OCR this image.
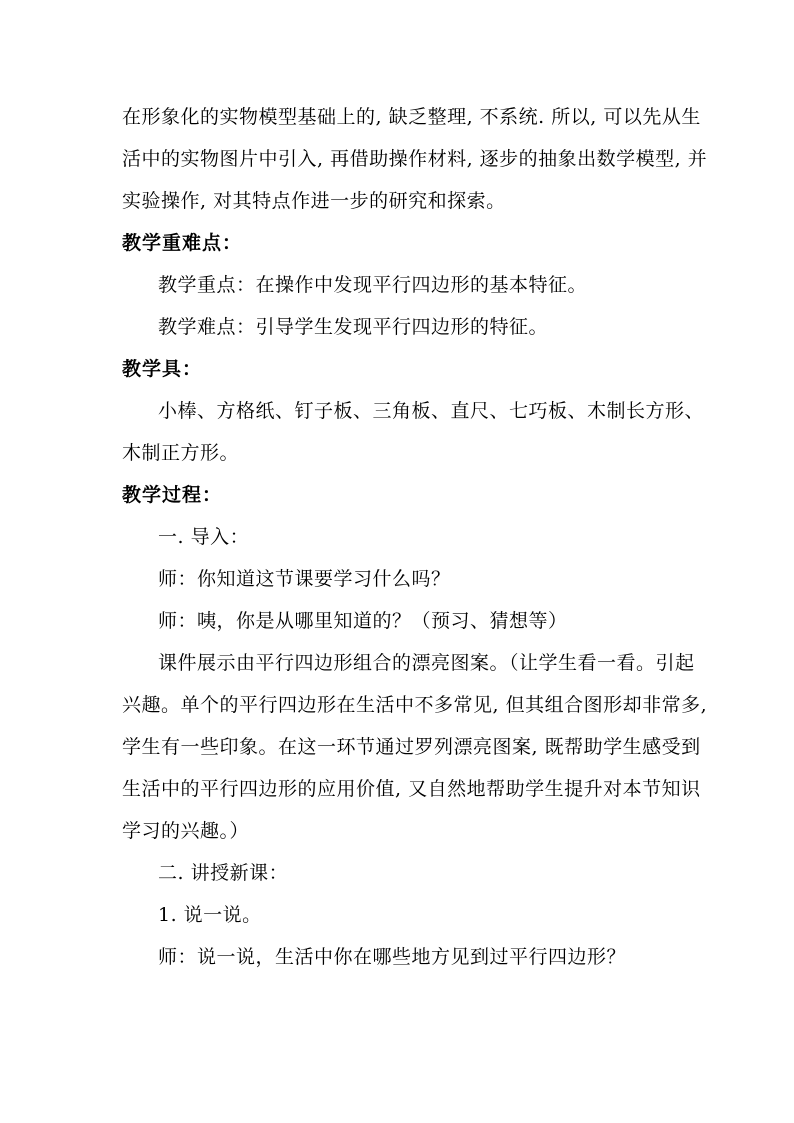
在形象化的实物模型基础上的, 缺乏整理, 不系统. 所以, 可以先从生
活中的实物图片中引入, 再借助操作材料, 逐步的抽象出数学模型, 并
实验操作, 对其特点作进一步的研究和探索。
教学重难点：
教学重点：在操作中发现平行四边形的基本特征。
教学难点：引导学生发现平行四边形的特征。
教学具：
小棒、方格纸、钉子板、三角板、直尺、七巧板、木制长方形、
木制正方形。
教学过程：
一. 导入：
师：你知道这节课要学习什么吗？
师：咦，你是从哪里知道的？（预习、猜想等）
课件展示由平行四边形组合的漂亮图案。（让学生看一看。引起
兴趣。单个的平行四边形在生活中不多常见, 但其组合图形却非常多,
学生有一些印象。在这一环节通过罗列漂亮图案, 既帮助学生感受到
生活中的平行四边形的应用价值, 又自然地帮助学生提升对本节知识
学习的兴趣。）
二. 讲授新课：
1. 说一说。
师：说一说，生活中你在哪些地方见到过平行四边形？
